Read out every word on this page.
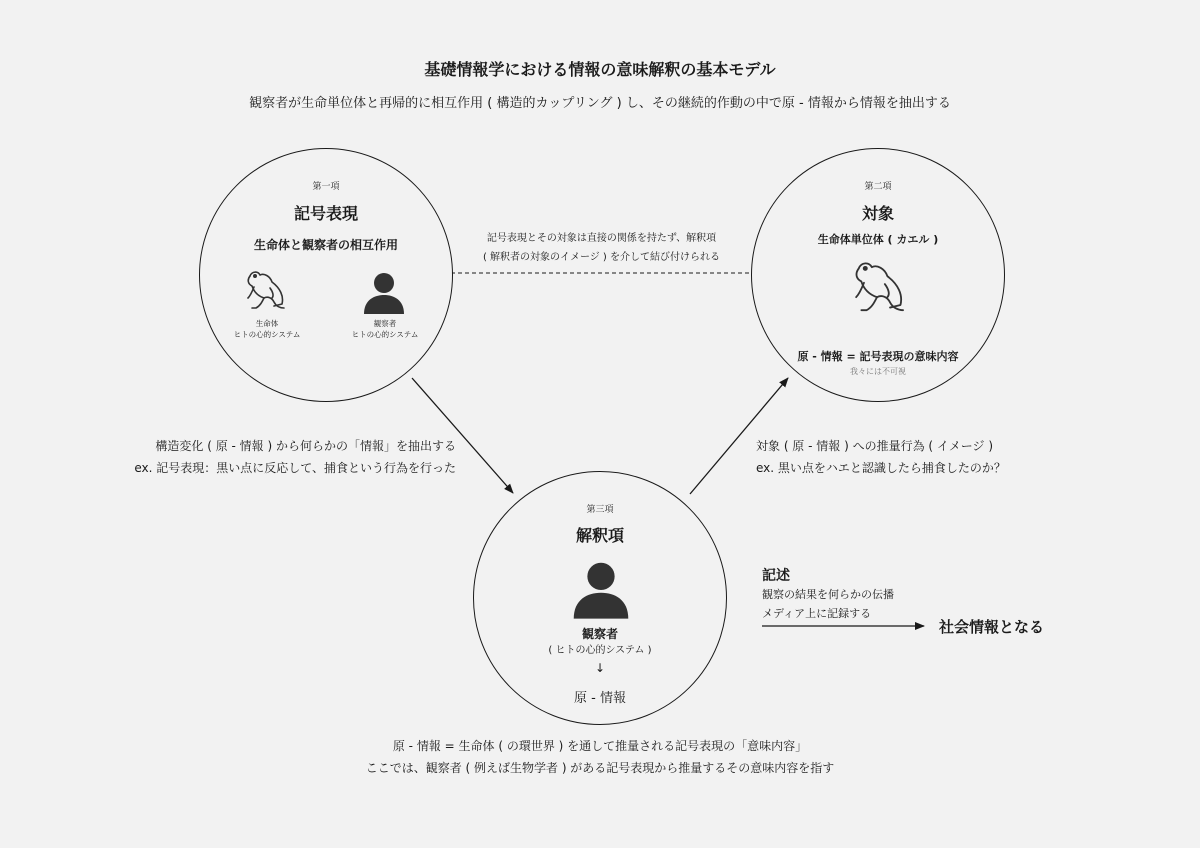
基礎情報学における情報の意味解釈の基本モデル
観察者が生命単位体と再帰的に相互作用 ( 構造的カップリング ) し、その継続的作動の中で原 - 情報から情報を抽出する
第一項
記号表現
生命体と観察者の相互作用
生命体
ヒトの心的システム
観察者
ヒトの心的システム
第二項
対象
生命体単位体 ( カエル )
原 - 情報 = 記号表現の意味内容
我々には不可視
記号表現とその対象は直接の関係を持たず、解釈項
( 解釈者の対象のイメージ ) を介して結び付けられる
構造変化 ( 原 - 情報 ) から何らかの「情報」を抽出する
ex. 記号表現：黒い点に反応して、捕食という行為を行った
対象 ( 原 - 情報 ) への推量行為 ( イメージ )
ex. 黒い点をハエと認識したら捕食したのか？
第三項
解釈項
観察者
( ヒトの心的システム )
↓
原 - 情報
記述
観察の結果を何らかの伝播
メディア上に記録する
社会情報となる
原 - 情報 = 生命体 ( の環世界 ) を通して推量される記号表現の「意味内容」
ここでは、観察者 ( 例えば生物学者 ) がある記号表現から推量するその意味内容を指す
